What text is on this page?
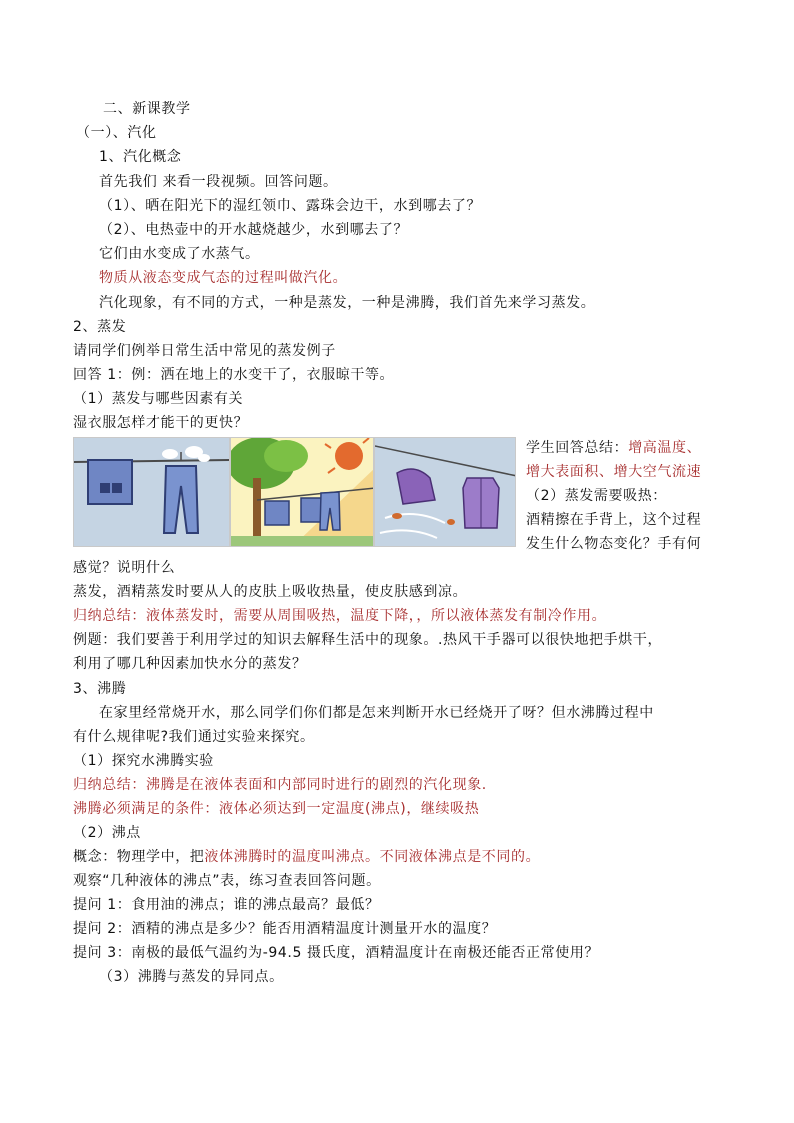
二、新课教学
（一）、汽化
1、汽化概念
首先我们 来看一段视频。回答问题。
（1）、晒在阳光下的湿红领巾、露珠会边干，水到哪去了？
（2）、电热壶中的开水越烧越少，水到哪去了？
它们由水变成了水蒸气。
物质从液态变成气态的过程叫做汽化。
汽化现象，有不同的方式，一种是蒸发，一种是沸腾，我们首先来学习蒸发。
2、蒸发
请同学们例举日常生活中常见的蒸发例子
回答 1：例：洒在地上的水变干了，衣服晾干等。
（1）蒸发与哪些因素有关
湿衣服怎样才能干的更快？
学生回答总结：增高温度、
增大表面积、增大空气流速
（2）蒸发需要吸热：
酒精擦在手背上，这个过程
发生什么物态变化？手有何
感觉？说明什么
蒸发，酒精蒸发时要从人的皮肤上吸收热量，使皮肤感到凉。
归纳总结：液体蒸发时，需要从周围吸热，温度下降，，所以液体蒸发有制冷作用。
例题：我们要善于利用学过的知识去解释生活中的现象。.热风干手器可以很快地把手烘干，
利用了哪几种因素加快水分的蒸发？
3、沸腾
在家里经常烧开水，那么同学们你们都是怎来判断开水已经烧开了呀？但水沸腾过程中
有什么规律呢?我们通过实验来探究。
（1）探究水沸腾实验
归纳总结：沸腾是在液体表面和内部同时进行的剧烈的汽化现象.
沸腾必须满足的条件：液体必须达到一定温度(沸点)，继续吸热
（2）沸点
概念：物理学中，把液体沸腾时的温度叫沸点。不同液体沸点是不同的。
观察“几种液体的沸点”表，练习查表回答问题。
提问 1：食用油的沸点；谁的沸点最高？最低？
提问 2：酒精的沸点是多少？能否用酒精温度计测量开水的温度？
提问 3：南极的最低气温约为-94.5 摄氏度，酒精温度计在南极还能否正常使用？
（3）沸腾与蒸发的异同点。
